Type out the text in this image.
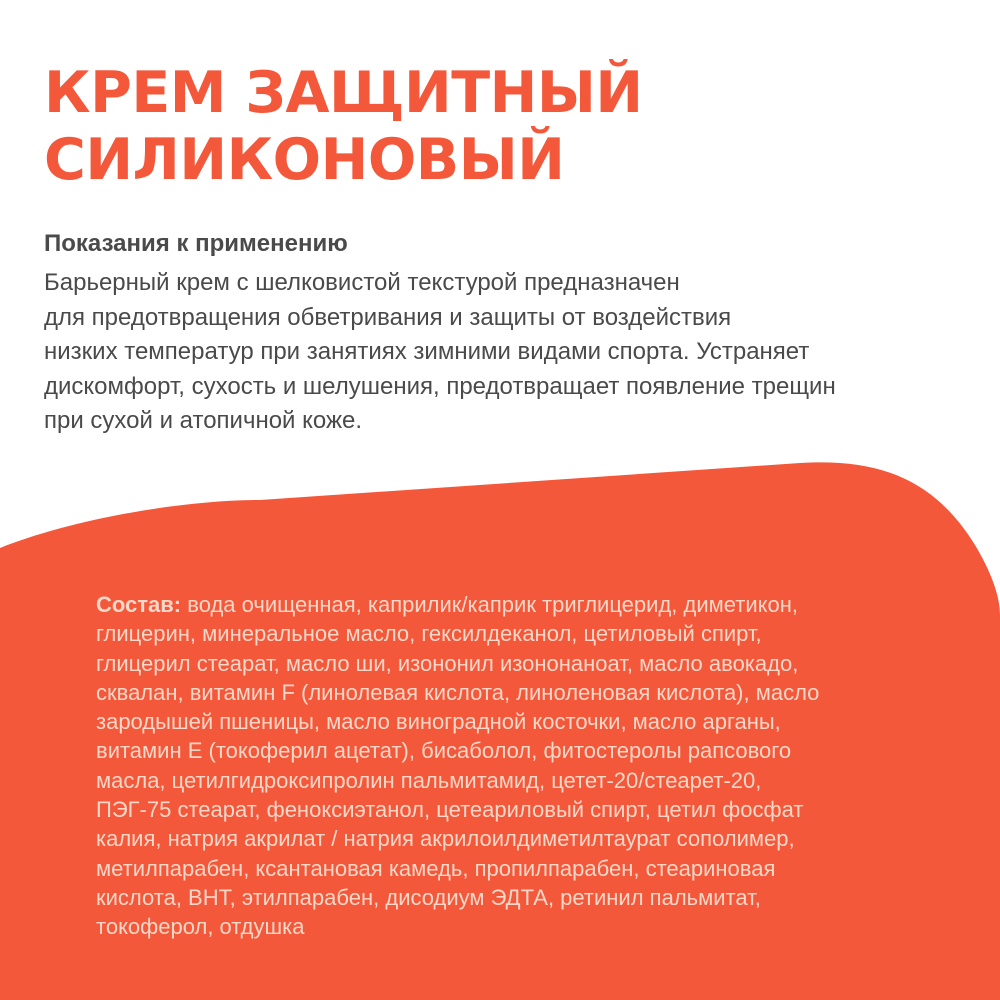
КРЕМ ЗАЩИТНЫЙ
СИЛИКОНОВЫЙ
Показания к применению

Барьерный крем с шелковистой текстурой предназначен
для предотвращения обветривания и защиты от воздействия
низких температур при занятиях зимними видами спорта. Устраняет
дискомфорт, сухость и шелушения, предотвращает появление трещин
при сухой и атопичной коже.

Состав: вода очищенная, каприлик/каприк триглицерид, диметикон,
глицерин, минеральное масло, гексилдеканол, цетиловый спирт,
глицерил стеарат, масло ши, изононил изононаноат, масло авокадо,
сквалан, витамин F (линолевая кислота, линоленовая кислота), масло
зародышей пшеницы, масло виноградной косточки, масло арганы,
витамин Е (токоферил ацетат), бисаболол, фитостеролы рапсового
масла, цетилгидроксипролин пальмитамид, цетет-20/стеарет-20,
ПЭГ-75 стеарат, феноксиэтанол, цетеариловый спирт, цетил фосфат
калия, натрия акрилат / натрия акрилоилдиметилтаурат сополимер,
метилпарабен, ксантановая камедь, пропилпарабен, стеариновая
кислота, ВНТ, этилпарабен, дисодиум ЭДТА, ретинил пальмитат,
токоферол, отдушка
